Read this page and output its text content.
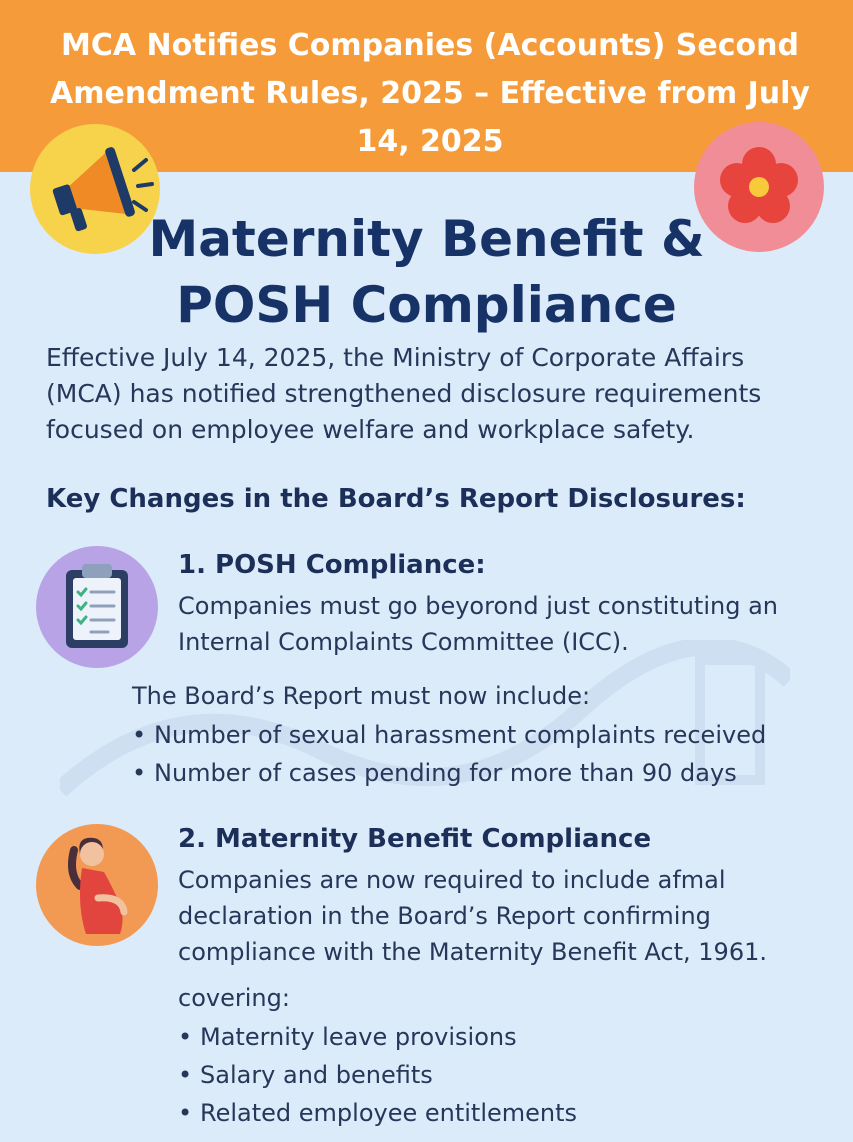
MCA Notifies Companies (Accounts) Second Amendment Rules, 2025 – Effective from July 14, 2025
Maternity Benefit & POSH Compliance

Effective July 14, 2025, the Ministry of Corporate Affairs (MCA) has notified strengthened disclosure requirements focused on employee welfare and workplace safety.

Key Changes in the Board’s Report Disclosures:
1. POSH Compliance:

Companies must go beyorond just constituting an Internal Complaints Committee (ICC).

The Board’s Report must now include:

• Number of sexual harassment complaints received
• Number of cases pending for more than 90 days
2. Maternity Benefit Compliance

Companies are now required to include afmal declaration in the Board’s Report confirming compliance with the Maternity Benefit Act, 1961.

covering:

• Maternity leave provisions
• Salary and benefits
• Related employee entitlements
